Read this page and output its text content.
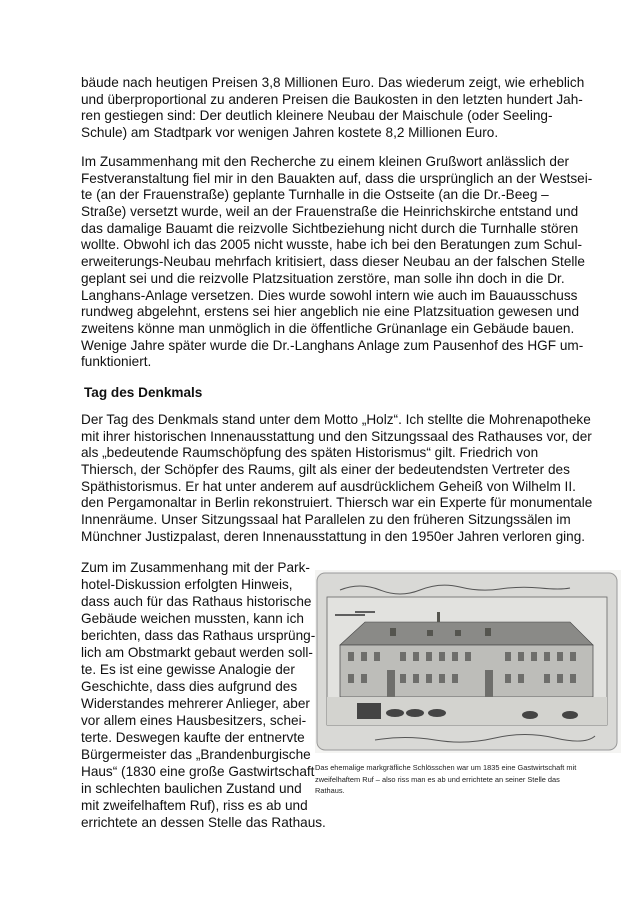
bäude nach heutigen Preisen 3,8 Millionen Euro. Das wiederum zeigt, wie erheblich
und überproportional zu anderen Preisen die Baukosten in den letzten hundert Jah-
ren gestiegen sind: Der deutlich kleinere Neubau der Maischule (oder Seeling-
Schule) am Stadtpark vor wenigen Jahren kostete 8,2 Millionen Euro.
Im Zusammenhang mit den Recherche zu einem kleinen Grußwort anlässlich der
Festveranstaltung fiel mir in den Bauakten auf, dass die ursprünglich an der Westsei-
te (an der Frauenstraße) geplante Turnhalle in die Ostseite (an die Dr.-Beeg –
Straße) versetzt wurde, weil an der Frauenstraße die Heinrichskirche entstand und
das damalige Bauamt die reizvolle Sichtbeziehung nicht durch die Turnhalle stören
wollte. Obwohl ich das 2005 nicht wusste, habe ich bei den Beratungen zum Schul-
erweiterungs-Neubau mehrfach kritisiert, dass dieser Neubau an der falschen Stelle
geplant sei und die reizvolle Platzsituation zerstöre, man solle ihn doch in die Dr.
Langhans-Anlage versetzen. Dies wurde sowohl intern wie auch im Bauausschuss
rundweg abgelehnt, erstens sei hier angeblich nie eine Platzsituation gewesen und
zweitens könne man unmöglich in die öffentliche Grünanlage ein Gebäude bauen.
Wenige Jahre später wurde die Dr.-Langhans Anlage zum Pausenhof des HGF um-
funktioniert.
Tag des Denkmals
Der Tag des Denkmals stand unter dem Motto „Holz“. Ich stellte die Mohrenapotheke
mit ihrer historischen Innenausstattung und den Sitzungssaal des Rathauses vor, der
als „bedeutende Raumschöpfung des späten Historismus“ gilt. Friedrich von
Thiersch, der Schöpfer des Raums, gilt als einer der bedeutendsten Vertreter des
Späthistorismus. Er hat unter anderem auf ausdrücklichem Geheiß von Wilhelm II.
den Pergamonaltar in Berlin rekonstruiert. Thiersch war ein Experte für monumentale
Innenräume. Unser Sitzungssaal hat Parallelen zu den früheren Sitzungssälen im
Münchner Justizpalast, deren Innenausstattung in den 1950er Jahren verloren ging.
Zum im Zusammenhang mit der Park-
hotel-Diskussion erfolgten Hinweis,
dass auch für das Rathaus historische
Gebäude weichen mussten, kann ich
berichten, dass das Rathaus ursprüng-
lich am Obstmarkt gebaut werden soll-
te. Es ist eine gewisse Analogie der
Geschichte, dass dies aufgrund des
Widerstandes mehrerer Anlieger, aber
vor allem eines Hausbesitzers, schei-
terte. Deswegen kaufte der entnervte
Bürgermeister das „Brandenburgische
Haus“ (1830 eine große Gastwirtschaft
in schlechten baulichen Zustand und
mit zweifelhaftem Ruf), riss es ab und
errichtete an dessen Stelle das Rathaus.
Das ehemalige markgräfliche Schlösschen war um 1835 eine Gastwirtschaft mit
zweifelhaftem Ruf – also riss man es ab und errichtete an seiner Stelle das
Rathaus.
